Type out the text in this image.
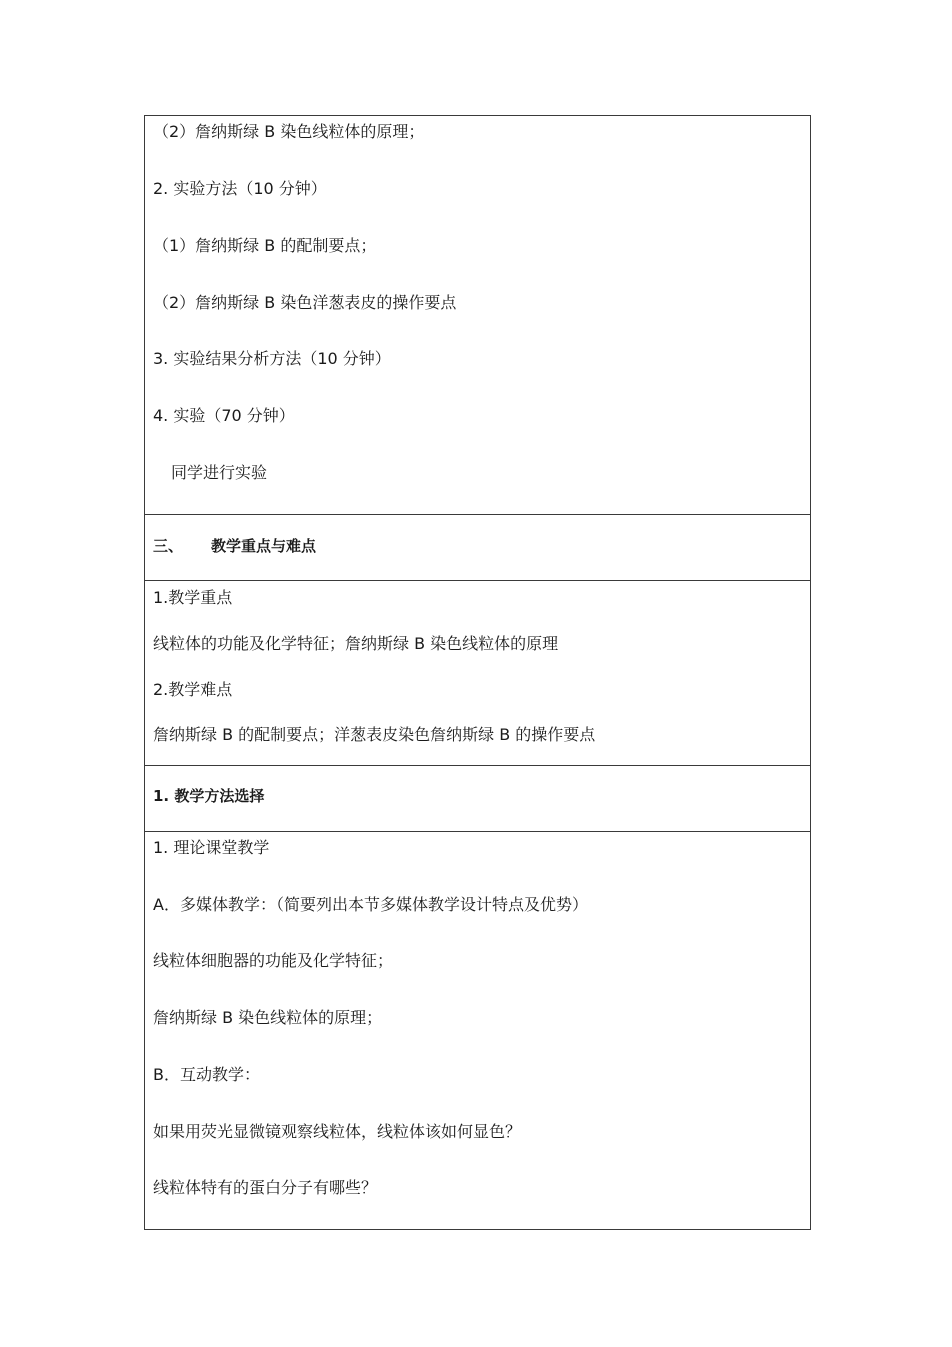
（2）詹纳斯绿 B 染色线粒体的原理；
2. 实验方法（10 分钟）
（1）詹纳斯绿 B 的配制要点；
（2）詹纳斯绿 B 染色洋葱表皮的操作要点
3. 实验结果分析方法（10 分钟）
4. 实验（70 分钟）
同学进行实验
三、 教学重点与难点
1.教学重点
线粒体的功能及化学特征；詹纳斯绿 B 染色线粒体的原理
2.教学难点
詹纳斯绿 B 的配制要点；洋葱表皮染色詹纳斯绿 B 的操作要点
1. 教学方法选择
1. 理论课堂教学
A．多媒体教学：（简要列出本节多媒体教学设计特点及优势）
线粒体细胞器的功能及化学特征；
詹纳斯绿 B 染色线粒体的原理；
B．互动教学：
如果用荧光显微镜观察线粒体，线粒体该如何显色？
线粒体特有的蛋白分子有哪些？
